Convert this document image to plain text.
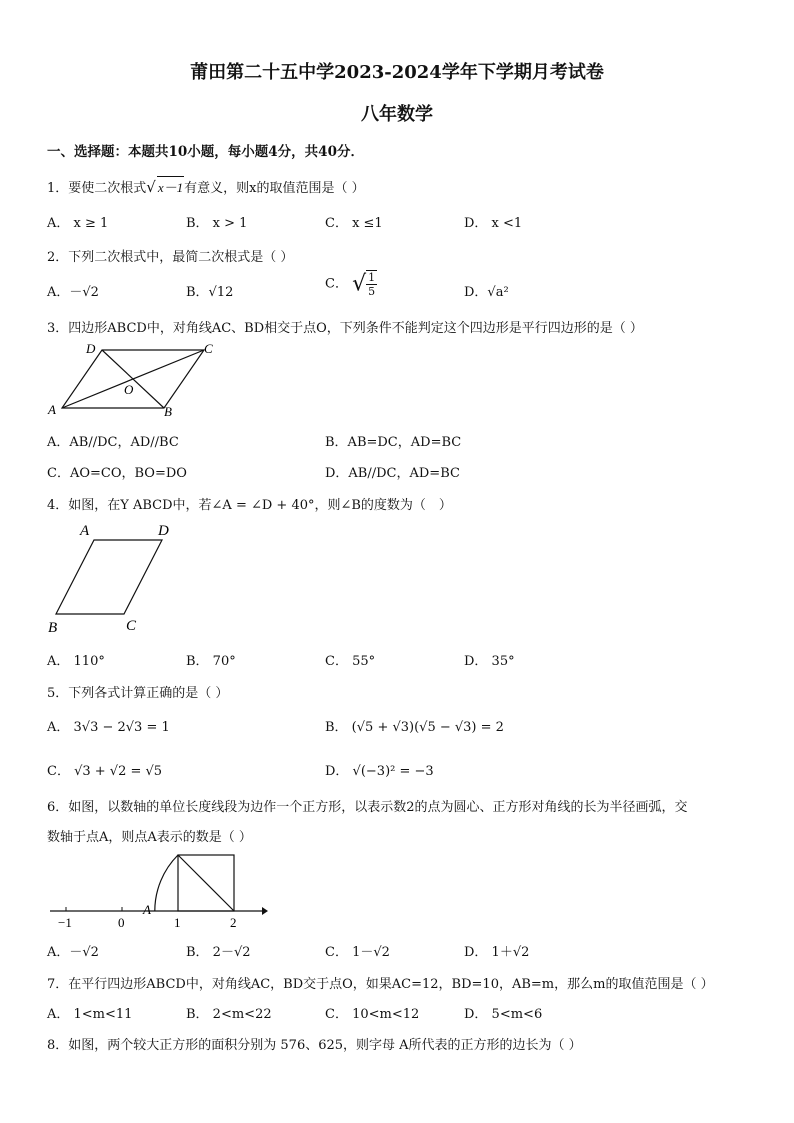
莆田第二十五中学2023-2024学年下学期月考试卷
八年数学
一、选择题：本题共10小题，每小题4分，共40分．
1．要使二次根式√ x－1有意义，则x的取值范围是（ ）
A． x ≥ 1	B． x > 1	C． x ≤1	D． x <1
2．下列二次根式中，最简二次根式是（ ）
A．－√2	B．√12
C． √ $\frac{1}{5}$	D．√a²
3．四边形ABCD中，对角线AC、BD相交于点O，下列条件不能判定这个四边形是平行四边形的是（ ）
D	C
O
A	B
A．AB//DC，AD//BC	B．AB=DC，AD=BC
C．AO=CO，BO=DO	D．AB//DC，AD=BC
4．如图，在Y ABCD中，若∠A = ∠D + 40°，则∠B的度数为（　）
A	D
B	C
A． 110°	B． 70°	C． 55°	D． 35°
5．下列各式计算正确的是（ ）
A． 3√3 − 2√3 = 1	B． (√5 + √3)(√5 − √3) = 2
C． √3 + √2 = √5	D． √(−3)² = −3
6．如图，以数轴的单位长度线段为边作一个正方形，以表示数2的点为圆心、正方形对角线的长为半径画弧，交
数轴于点A，则点A表示的数是（ ）
−1	0
A
1	2
A．－√2	B． 2－√2	C． 1－√2	D． 1＋√2
7．在平行四边形ABCD中，对角线AC，BD交于点O，如果AC=12，BD=10，AB=m，那么m的取值范围是（ ）
A． 1<m<11	B． 2<m<22	C． 10<m<12	D． 5<m<6
8．如图，两个较大正方形的面积分别为 576、625，则字母 A所代表的正方形的边长为（ ）
